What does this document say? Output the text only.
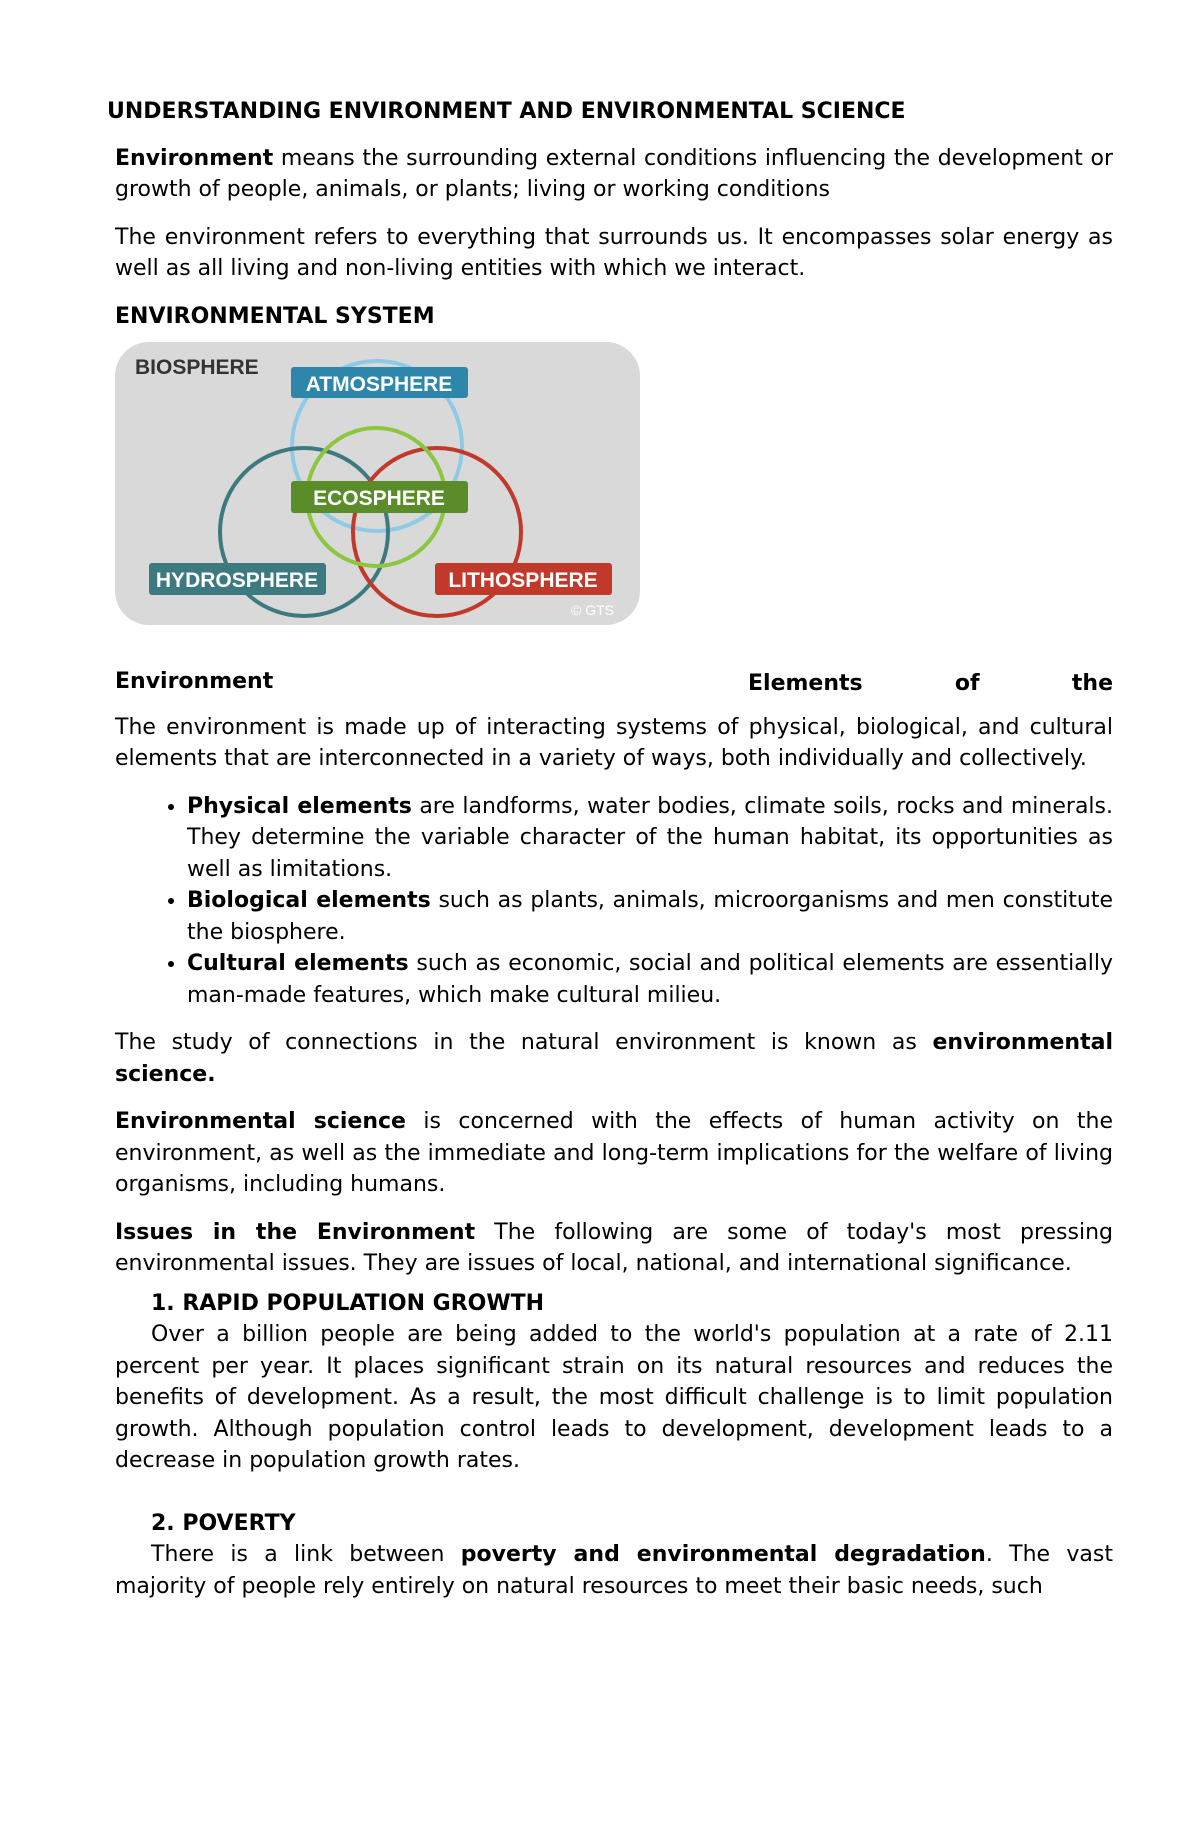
UNDERSTANDING ENVIRONMENT AND ENVIRONMENTAL SCIENCE

Environment means the surrounding external conditions influencing the development or growth of people, animals, or plants; living or working conditions

The environment refers to everything that surrounds us. It encompasses solar energy as well as all living and non-living entities with which we interact.

ENVIRONMENTAL SYSTEM

BIOSPHERE
ATMOSPHERE
ECOSPHERE
HYDROSPHERE	LITHOSPHERE
© GTS
Elements	of	the

Environment

The environment is made up of interacting systems of physical, biological, and cultural elements that are interconnected in a variety of ways, both individually and collectively.

• Physical elements are landforms, water bodies, climate soils, rocks and minerals. They determine the variable character of the human habitat, its opportunities as well as limitations.
• Biological elements such as plants, animals, microorganisms and men constitute the biosphere.
• Cultural elements such as economic, social and political elements are essentially man-made features, which make cultural milieu.

The study of connections in the natural environment is known as environmental science.

Environmental science is concerned with the effects of human activity on the environment, as well as the immediate and long-term implications for the welfare of living organisms, including humans.

Issues in the Environment The following are some of today's most pressing environmental issues. They are issues of local, national, and international significance.

1. RAPID POPULATION GROWTH

Over a billion people are being added to the world's population at a rate of 2.11 percent per year. It places significant strain on its natural resources and reduces the benefits of development. As a result, the most difficult challenge is to limit population growth. Although population control leads to development, development leads to a decrease in population growth rates.

2. POVERTY

There is a link between poverty and environmental degradation. The vast majority of people rely entirely on natural resources to meet their basic needs, such
